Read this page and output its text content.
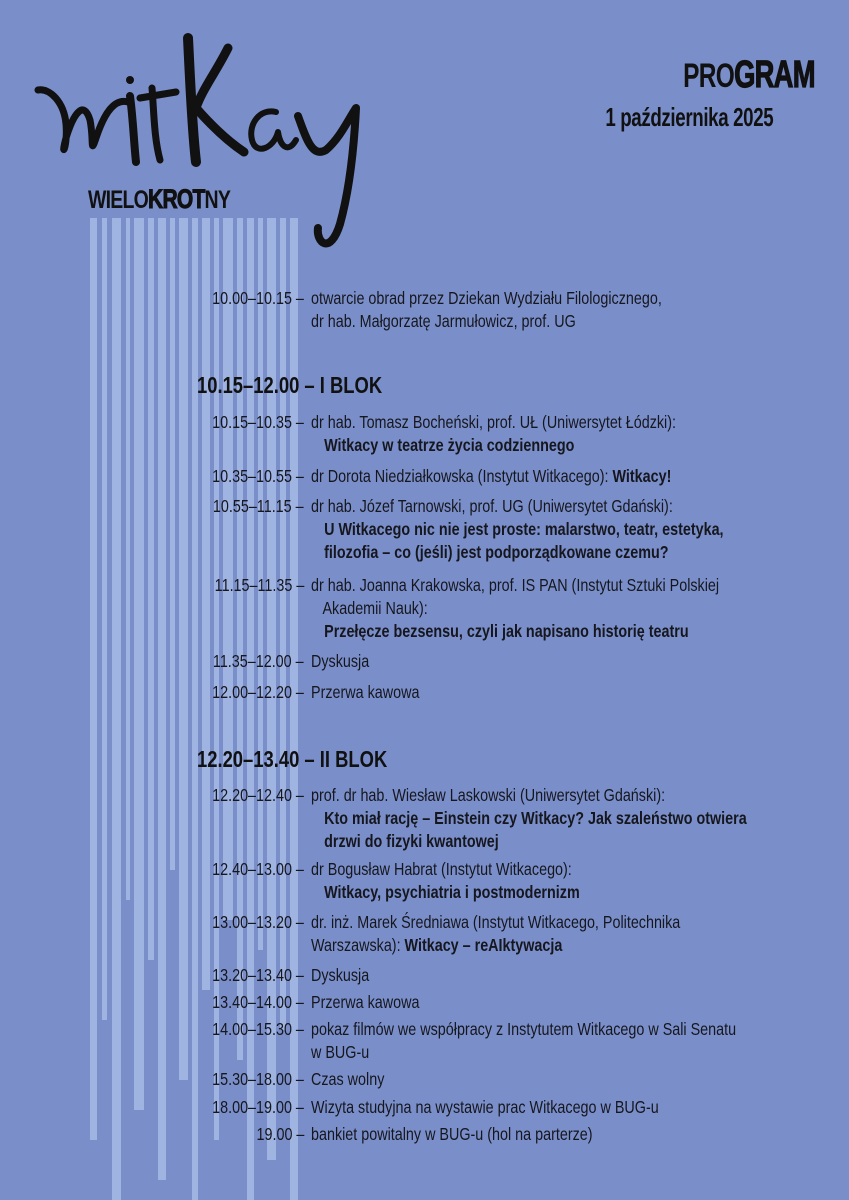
WIELOKROTNY
PROGRAM
1 października 2025
10.00–10.15 – otwarcie obrad przez Dziekan Wydziału Filologicznego,
dr hab. Małgorzatę Jarmułowicz, prof. UG
10.15–12.00 – I BLOK
10.15–10.35 – dr hab. Tomasz Bocheński, prof. UŁ (Uniwersytet Łódzki):
Witkacy w teatrze życia codziennego
10.35–10.55 – dr Dorota Niedziałkowska (Instytut Witkacego): Witkacy!
10.55–11.15 – dr hab. Józef Tarnowski, prof. UG (Uniwersytet Gdański):
U Witkacego nic nie jest proste: malarstwo, teatr, estetyka,
filozofia – co (jeśli) jest podporządkowane czemu?
11.15–11.35 – dr hab. Joanna Krakowska, prof. IS PAN (Instytut Sztuki Polskiej
Akademii Nauk):
Przełęcze bezsensu, czyli jak napisano historię teatru
11.35–12.00 – Dyskusja
12.00–12.20 – Przerwa kawowa
12.20–13.40 – II BLOK
12.20–12.40 – prof. dr hab. Wiesław Laskowski (Uniwersytet Gdański):
Kto miał rację – Einstein czy Witkacy? Jak szaleństwo otwiera
drzwi do fizyki kwantowej
12.40–13.00 – dr Bogusław Habrat (Instytut Witkacego):
Witkacy, psychiatria i postmodernizm
13.00–13.20 – dr. inż. Marek Średniawa (Instytut Witkacego, Politechnika
Warszawska): Witkacy – reAIktywacja
13.20–13.40 – Dyskusja
13.40–14.00 – Przerwa kawowa
14.00–15.30 – pokaz filmów we współpracy z Instytutem Witkacego w Sali Senatu
w BUG-u
15.30–18.00 – Czas wolny
18.00–19.00 – Wizyta studyjna na wystawie prac Witkacego w BUG-u
19.00 – bankiet powitalny w BUG-u (hol na parterze)
